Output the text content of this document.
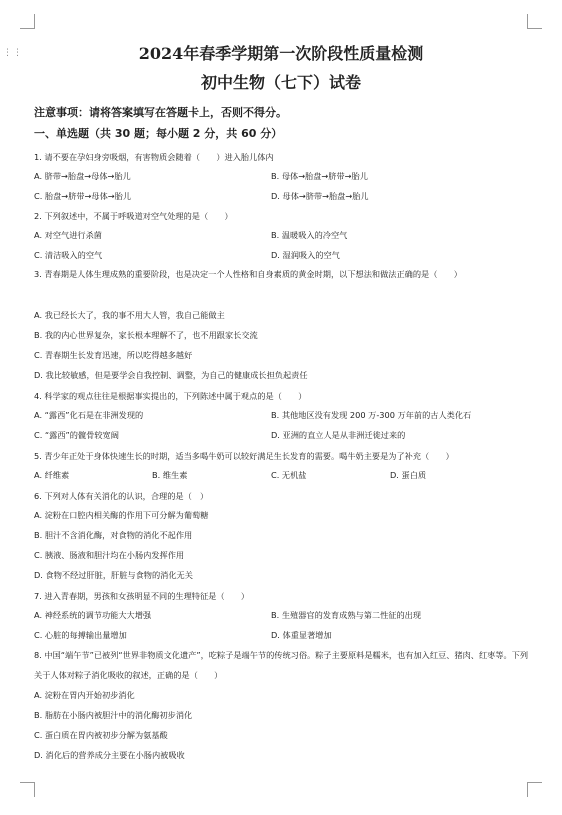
⋮⋮	2024年春季学期第一次阶段性质量检测
初中生物（七下）试卷
注意事项：请将答案填写在答题卡上，否则不得分。
一、单选题（共 30 题；每小题 2 分，共 60 分）
1. 请不要在孕妇身旁吸烟，有害物质会随着（　　）进入胎儿体内
A. 脐带→胎盘→母体→胎儿	B. 母体→胎盘→脐带→胎儿
C. 胎盘→脐带→母体→胎儿	D. 母体→脐带→胎盘→胎儿
2. 下列叙述中，不属于呼吸道对空气处理的是（　　）
A. 对空气进行杀菌	B. 温暖吸入的冷空气
C. 清洁吸入的空气	D. 湿润吸入的空气
3. 青春期是人体生理成熟的重要阶段，也是决定一个人性格和自身素质的黄金时期，以下想法和做法正确的是（　　）
A. 我已经长大了，我的事不用大人管，我自己能做主
B. 我的内心世界复杂，家长根本理解不了，也不用跟家长交流
C. 青春期生长发育迅速，所以吃得越多越好
D. 我比较敏感，但是要学会自我控制、调整，为自己的健康成长担负起责任
4. 科学家的观点往往是根据事实提出的，下列陈述中属于观点的是（　　）
A. “露西”化石是在非洲发现的	B. 其他地区没有发现 200 万-300 万年前的古人类化石
C. “露西”的髋骨较宽阔	D. 亚洲的直立人是从非洲迁徙过来的
5. 青少年正处于身体快速生长的时期，适当多喝牛奶可以较好满足生长发育的需要。喝牛奶主要是为了补充（　　）
A. 纤维素	B. 维生素	C. 无机盐	D. 蛋白质
6. 下列对人体有关消化的认识，合理的是（　）
A. 淀粉在口腔内相关酶的作用下可分解为葡萄糖
B. 胆汁不含消化酶，对食物的消化不起作用
C. 胰液、肠液和胆汁均在小肠内发挥作用
D. 食物不经过肝脏，肝脏与食物的消化无关
7. 进入青春期，男孩和女孩明显不同的生理特征是（　　）
A. 神经系统的调节功能大大增强	B. 生殖器官的发育成熟与第二性征的出现
C. 心脏的每搏输出量增加	D. 体重显著增加
8. 中国“端午节”已被列“世界非物质文化遗产”，吃粽子是端午节的传统习俗。粽子主要原料是糯米，也有加入红豆、猪肉、红枣等。下列关于人体对粽子消化吸收的叙述，正确的是（　　）
A. 淀粉在胃内开始初步消化
B. 脂肪在小肠内被胆汁中的消化酶初步消化
C. 蛋白质在胃内被初步分解为氨基酸
D. 消化后的营养成分主要在小肠内被吸收
